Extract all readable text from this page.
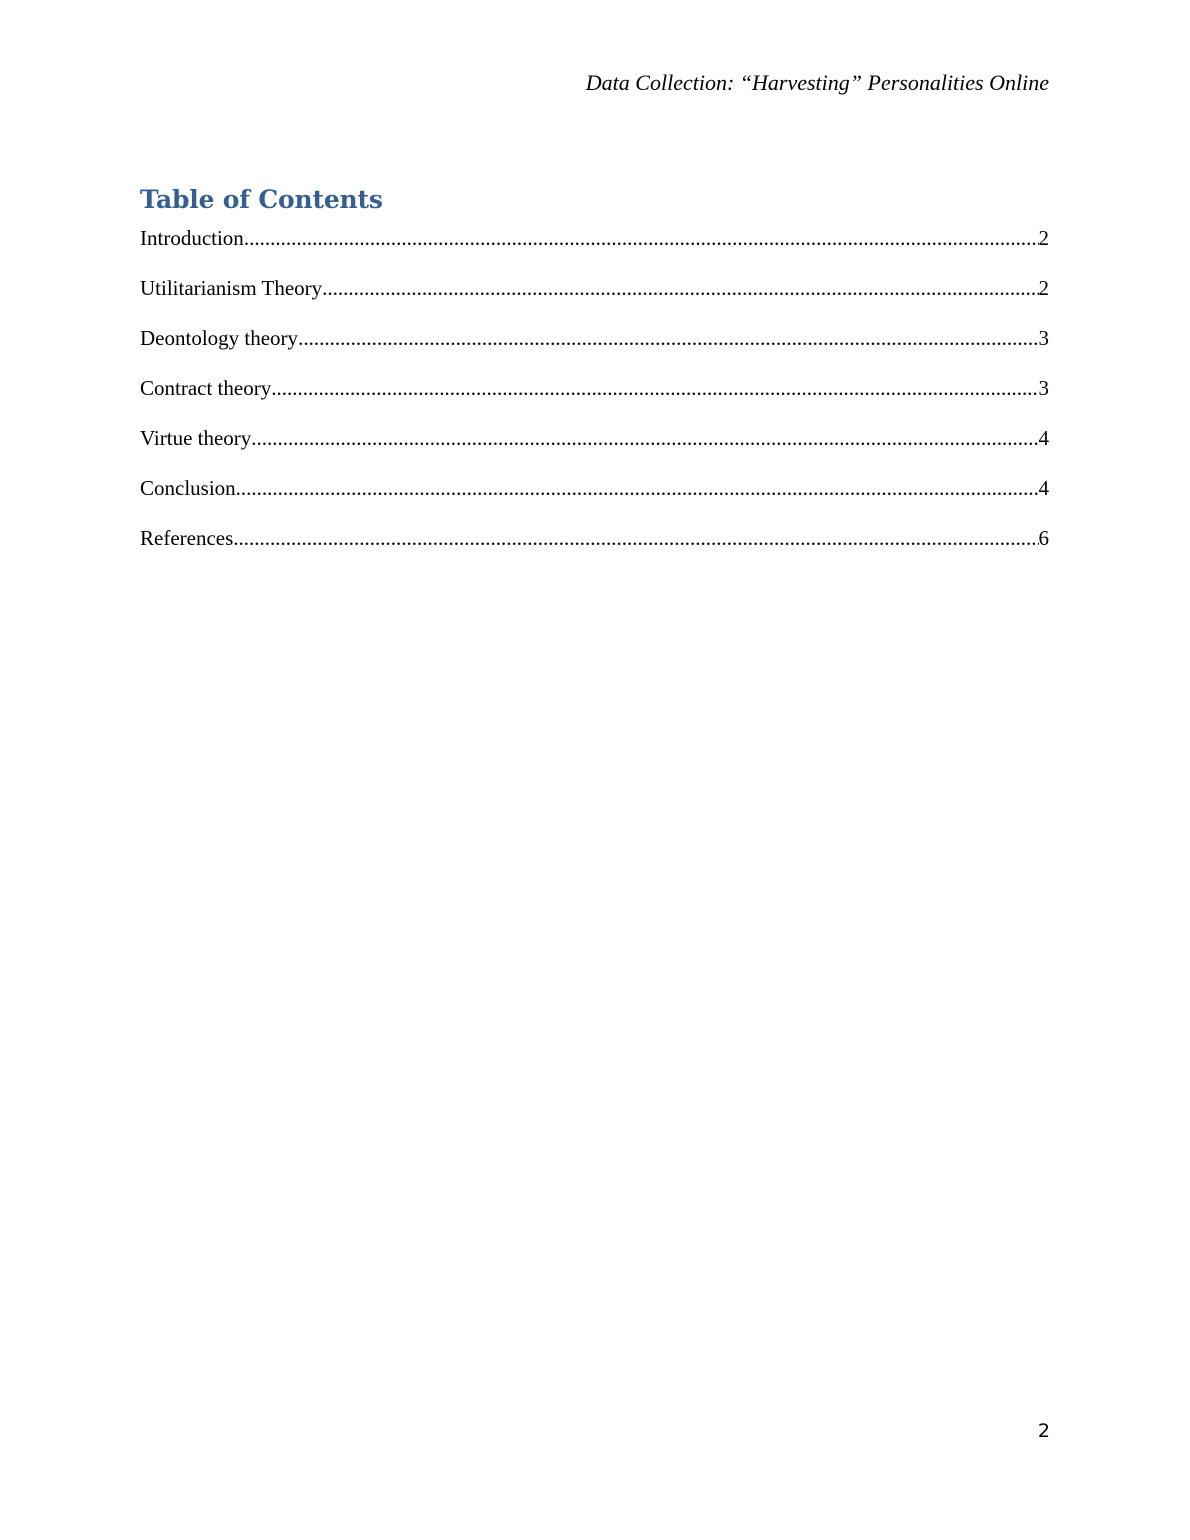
Data Collection: “Harvesting” Personalities Online
Table of Contents
Introduction .....	2
Utilitarianism Theory .....	2
Deontology theory .....	3
Contract theory .....	3
Virtue theory .....	4
Conclusion .....	4
References .....	6
2
